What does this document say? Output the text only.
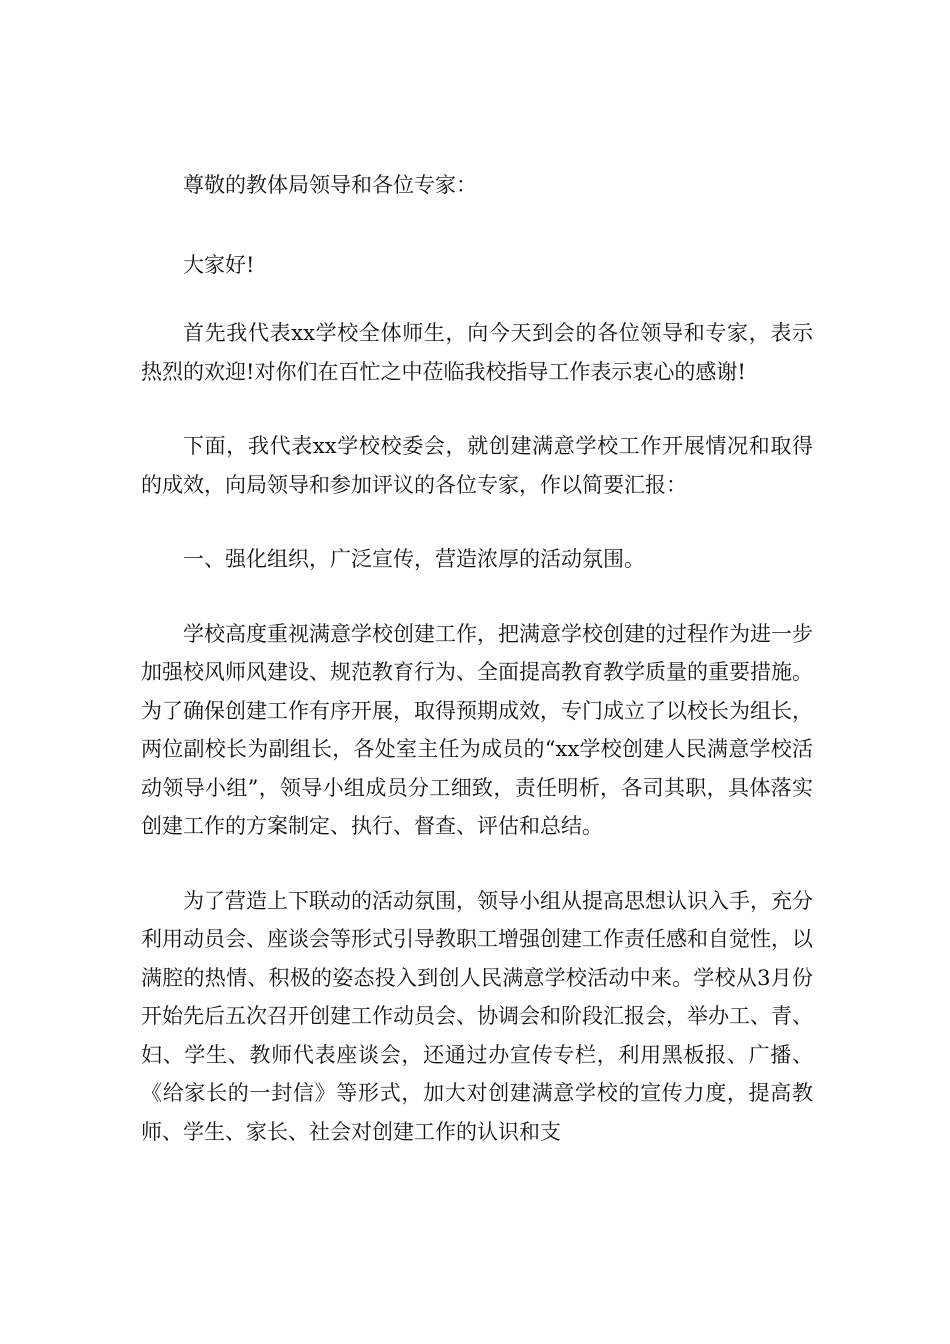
尊敬的教体局领导和各位专家：

大家好!

首先我代表xx学校全体师生，向今天到会的各位领导和专家，表示热烈的欢迎!对你们在百忙之中莅临我校指导工作表示衷心的感谢!

下面，我代表xx学校校委会，就创建满意学校工作开展情况和取得的成效，向局领导和参加评议的各位专家，作以简要汇报：

一、强化组织，广泛宣传，营造浓厚的活动氛围。

学校高度重视满意学校创建工作，把满意学校创建的过程作为进一步加强校风师风建设、规范教育行为、全面提高教育教学质量的重要措施。为了确保创建工作有序开展，取得预期成效，专门成立了以校长为组长，两位副校长为副组长，各处室主任为成员的“xx学校创建人民满意学校活动领导小组”，领导小组成员分工细致，责任明析，各司其职，具体落实创建工作的方案制定、执行、督查、评估和总结。

为了营造上下联动的活动氛围，领导小组从提高思想认识入手，充分利用动员会、座谈会等形式引导教职工增强创建工作责任感和自觉性，以满腔的热情、积极的姿态投入到创人民满意学校活动中来。学校从3月份开始先后五次召开创建工作动员会、协调会和阶段汇报会，举办工、青、妇、学生、教师代表座谈会，还通过办宣传专栏，利用黑板报、广播、《给家长的一封信》等形式，加大对创建满意学校的宣传力度，提高教师、学生、家长、社会对创建工作的认识和支
